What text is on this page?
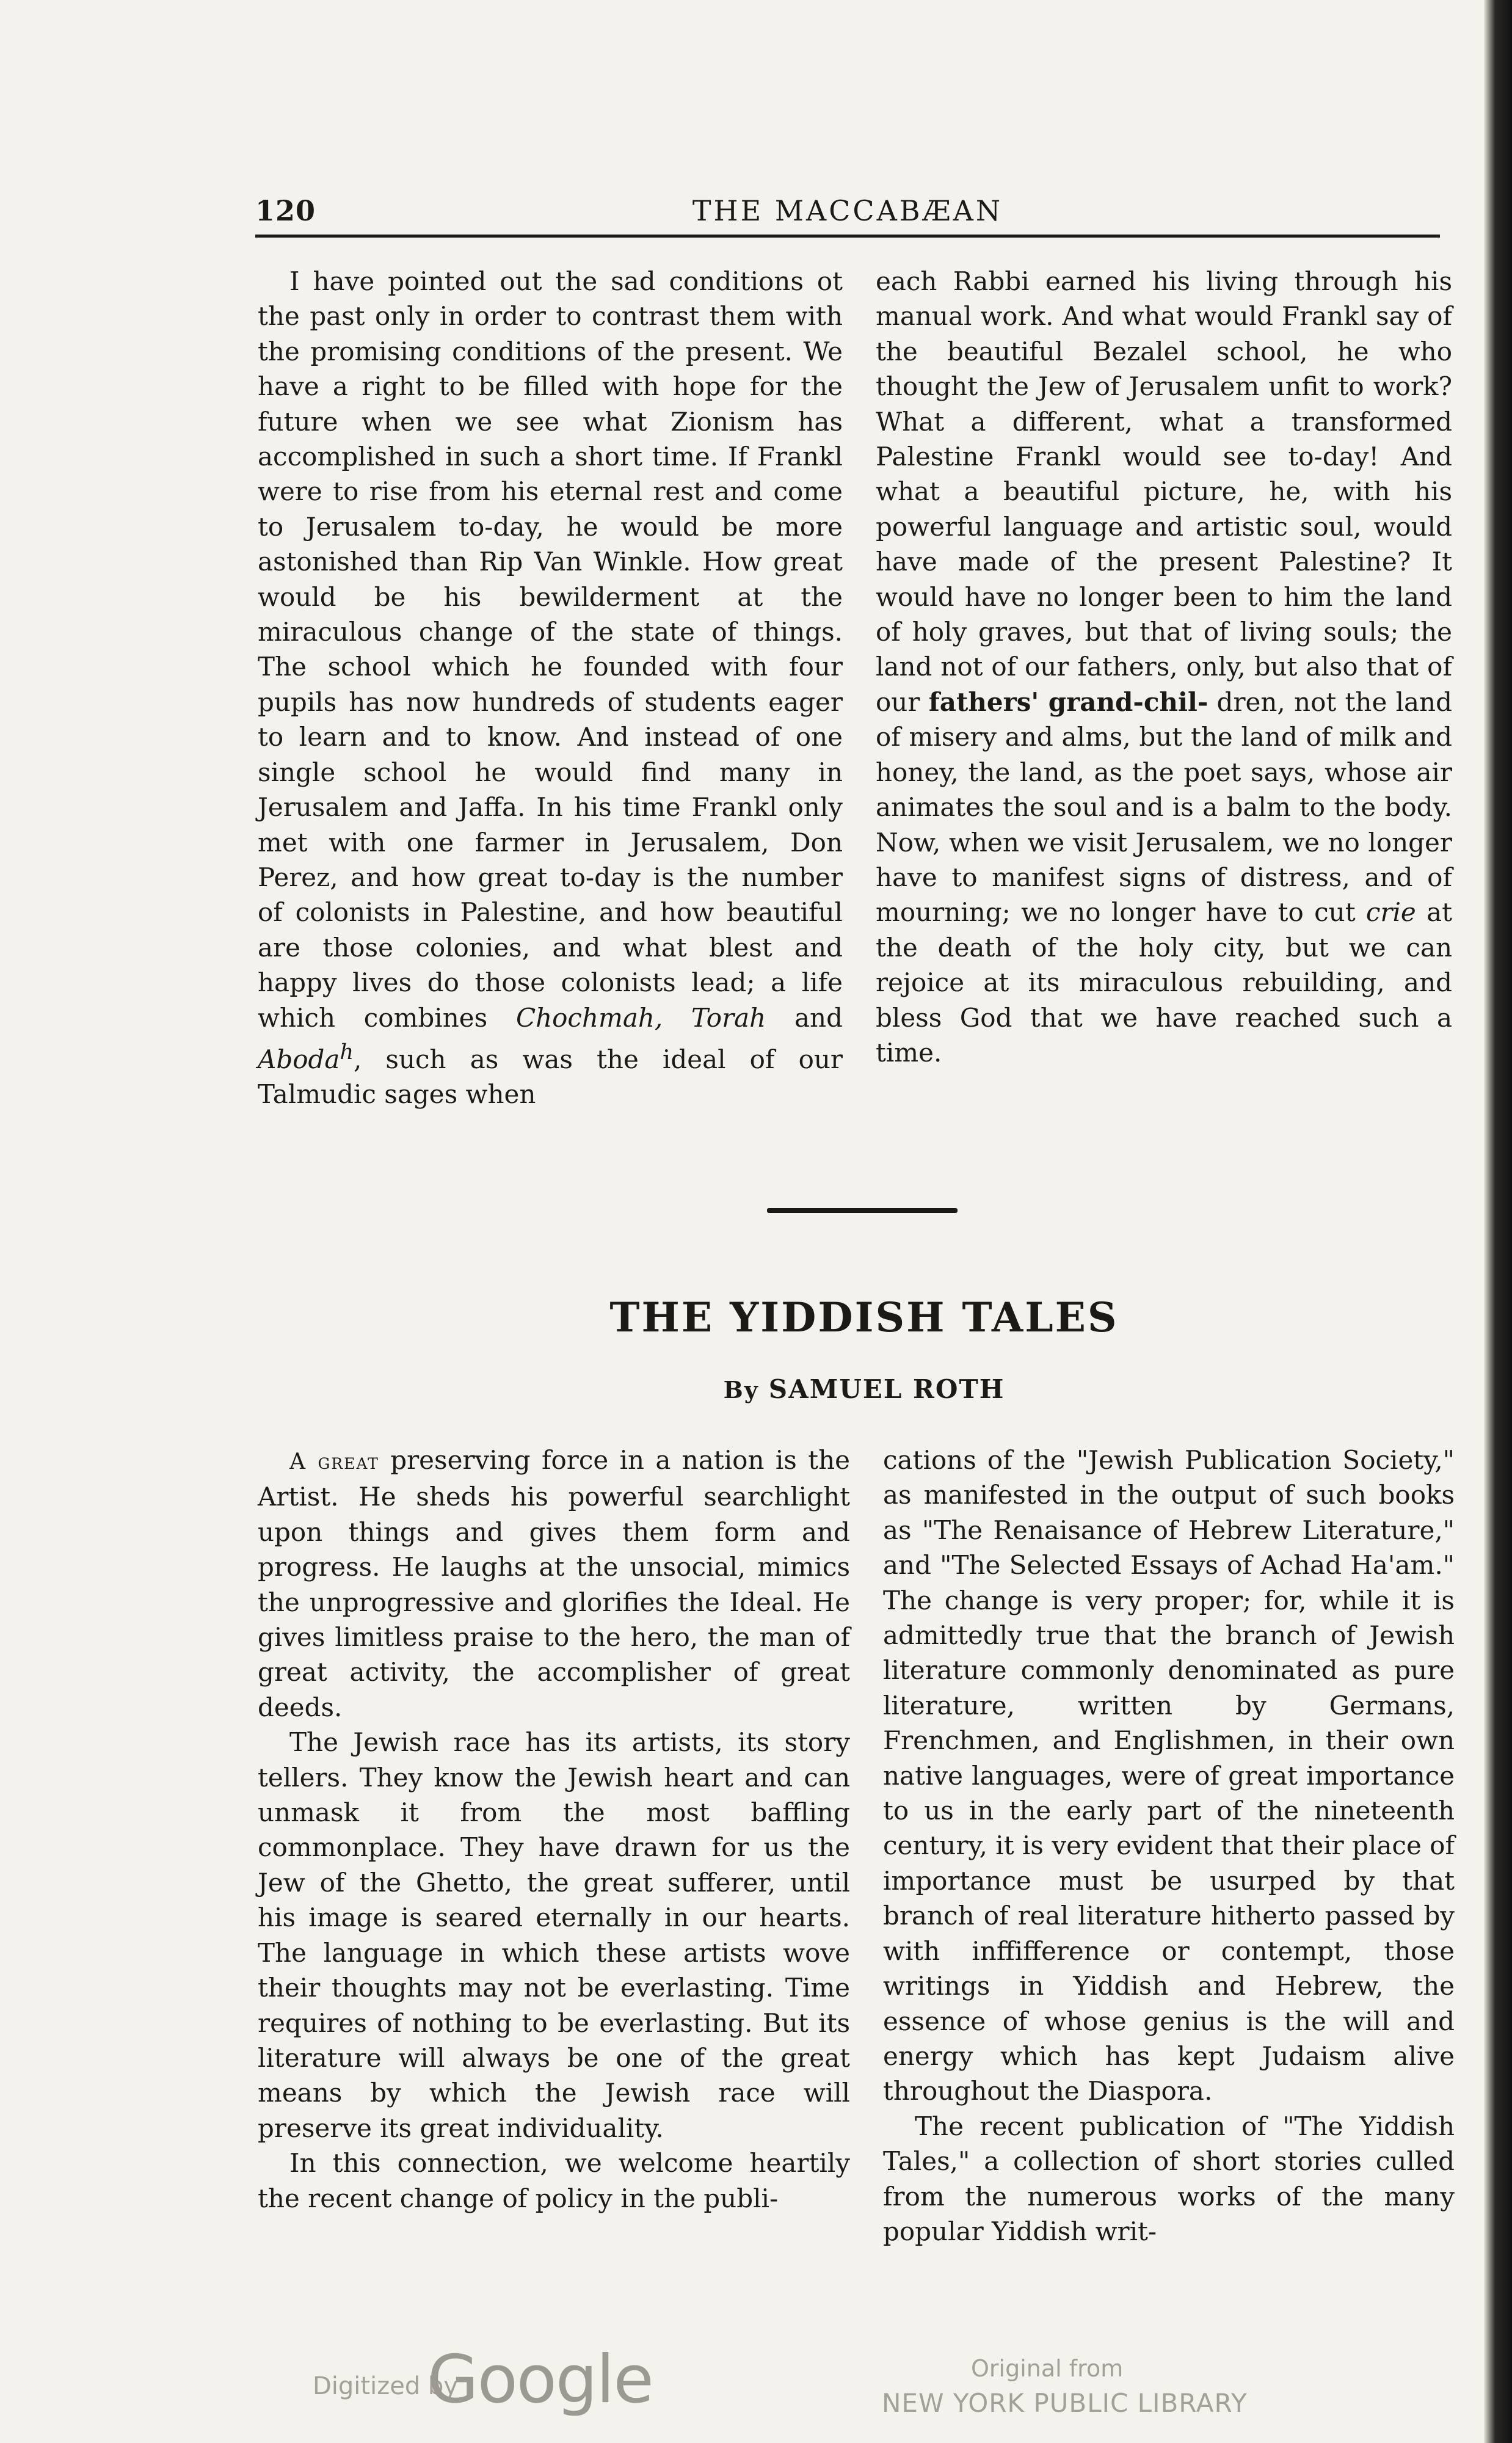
120	THE MACCABÆAN

I have pointed out the sad conditions ot the past only in order to contrast them with the promising conditions of the present. We have a right to be filled with hope for the future when we see what Zionism has accomplished in such a short time. If Frankl were to rise from his eternal rest and come to Jerusalem to-day, he would be more astonished than Rip Van Winkle. How great would be his bewilderment at the miraculous change of the state of things. The school which he founded with four pupils has now hundreds of students eager to learn and to know. And instead of one single school he would find many in Jerusalem and Jaffa. In his time Frankl only met with one farmer in Jerusalem, Don Perez, and how great to-day is the number of colonists in Palestine, and how beautiful are those colonies, and what blest and happy lives do those colonists lead; a life which combines Chochmah, Torah and Aboda$^h$, such as was the ideal of our Talmudic sages when

each Rabbi earned his living through his manual work. And what would Frankl say of the beautiful Bezalel school, he who thought the Jew of Jerusalem unfit to work? What a different, what a transformed Palestine Frankl would see to-day! And what a beautiful picture, he, with his powerful language and artistic soul, would have made of the present Palestine? It would have no longer been to him the land of holy graves, but that of living souls; the land not of our fathers, only, but also that of our fathers' grand-chil- dren, not the land of misery and alms, but the land of milk and honey, the land, as the poet says, whose air animates the soul and is a balm to the body. Now, when we visit Jerusalem, we no longer have to manifest signs of distress, and of mourning; we no longer have to cut crie at the death of the holy city, but we can rejoice at its miraculous rebuilding, and bless God that we have reached such a time.

THE YIDDISH TALES
By SAMUEL ROTH

A great preserving force in a nation is the Artist. He sheds his powerful searchlight upon things and gives them form and progress. He laughs at the unsocial, mimics the unprogressive and glorifies the Ideal. He gives limitless praise to the hero, the man of great activity, the accomplisher of great deeds.

The Jewish race has its artists, its story tellers. They know the Jewish heart and can unmask it from the most baffling commonplace. They have drawn for us the Jew of the Ghetto, the great sufferer, until his image is seared eternally in our hearts. The language in which these artists wove their thoughts may not be everlasting. Time requires of nothing to be everlasting. But its literature will always be one of the great means by which the Jewish race will preserve its great individuality.

In this connection, we welcome heartily the recent change of policy in the publi-

cations of the "Jewish Publication Society," as manifested in the output of such books as "The Renaisance of Hebrew Literature," and "The Selected Essays of Achad Ha'am." The change is very proper; for, while it is admittedly true that the branch of Jewish literature commonly denominated as pure literature, written by Germans, Frenchmen, and Englishmen, in their own native languages, were of great importance to us in the early part of the nineteenth century, it is very evident that their place of importance must be usurped by that branch of real literature hitherto passed by with inffifference or contempt, those writings in Yiddish and Hebrew, the essence of whose genius is the will and energy which has kept Judaism alive throughout the Diaspora.

The recent publication of "The Yiddish Tales," a collection of short stories culled from the numerous works of the many popular Yiddish writ-

Digitized by
Google	Original from
NEW YORK PUBLIC LIBRARY
